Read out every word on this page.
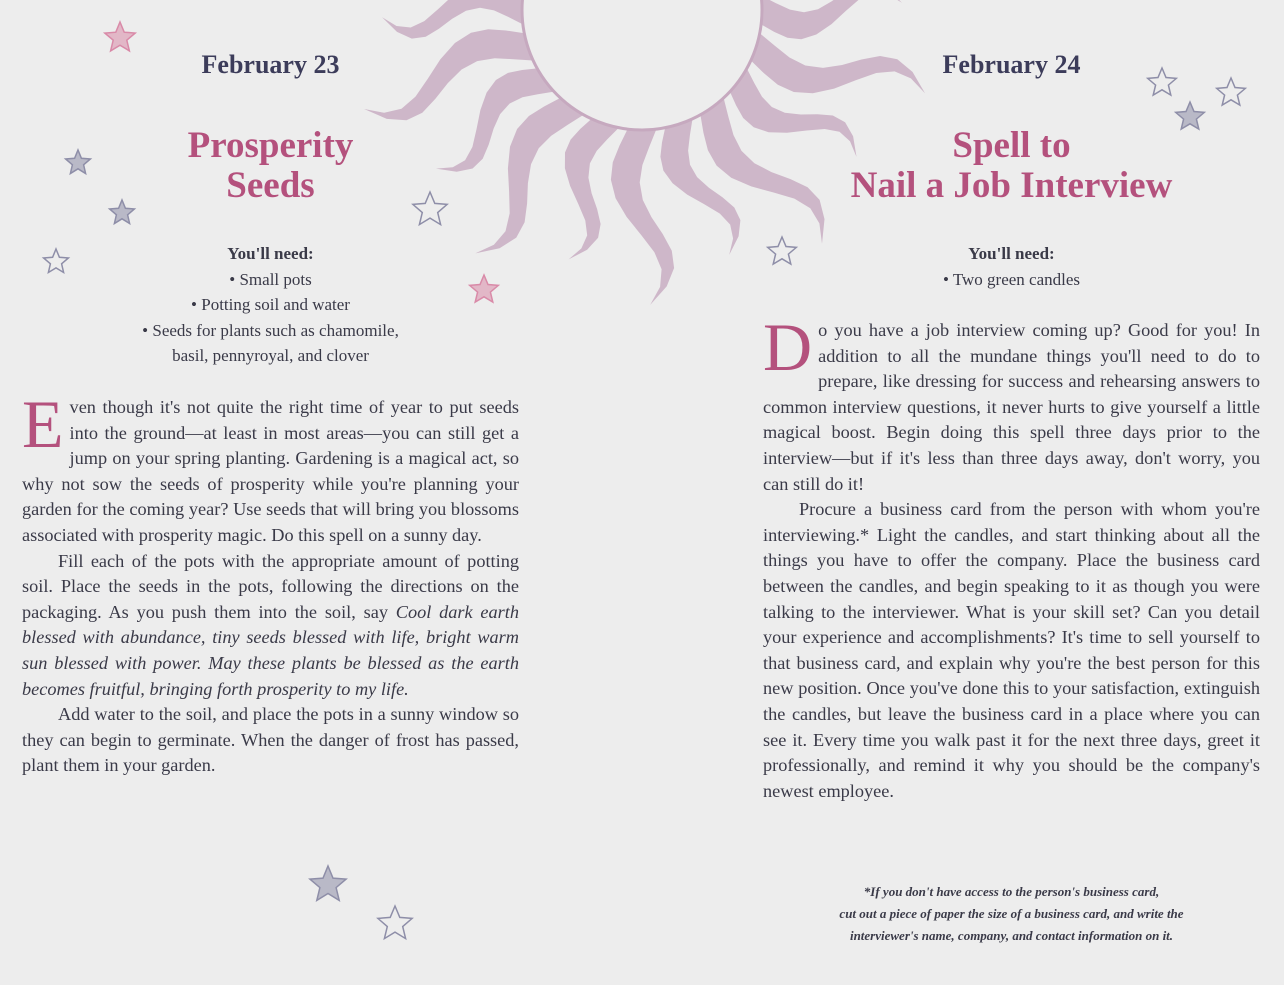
February 23
Prosperity
Seeds
You'll need:
• Small pots
• Potting soil and water
• Seeds for plants such as chamomile,
basil, pennyroyal, and clover

Even though it's not quite the right time of year to put seeds into the ground—at least in most areas—you can still get a jump on your spring planting. Gardening is a magical act, so why not sow the seeds of prosperity while you're planning your garden for the coming year? Use seeds that will bring you blossoms associated with prosperity magic. Do this spell on a sunny day.

Fill each of the pots with the appropriate amount of potting soil. Place the seeds in the pots, following the directions on the packaging. As you push them into the soil, say Cool dark earth blessed with abundance, tiny seeds blessed with life, bright warm sun blessed with power. May these plants be blessed as the earth becomes fruitful, bringing forth prosperity to my life.

Add water to the soil, and place the pots in a sunny window so they can begin to germinate. When the danger of frost has passed, plant them in your garden.

February 24
Spell to
Nail a Job Interview
You'll need:
• Two green candles

Do you have a job interview coming up? Good for you! In addition to all the mundane things you'll need to do to prepare, like dressing for success and rehearsing answers to common interview questions, it never hurts to give yourself a little magical boost. Begin doing this spell three days prior to the interview—but if it's less than three days away, don't worry, you can still do it!

Procure a business card from the person with whom you're interviewing.* Light the candles, and start thinking about all the things you have to offer the company. Place the business card between the candles, and begin speaking to it as though you were talking to the interviewer. What is your skill set? Can you detail your experience and accomplishments? It's time to sell yourself to that business card, and explain why you're the best person for this new position. Once you've done this to your satisfaction, extinguish the candles, but leave the business card in a place where you can see it. Every time you walk past it for the next three days, greet it professionally, and remind it why you should be the company's newest employee.

*If you don't have access to the person's business card,
cut out a piece of paper the size of a business card, and write the
interviewer's name, company, and contact information on it.
